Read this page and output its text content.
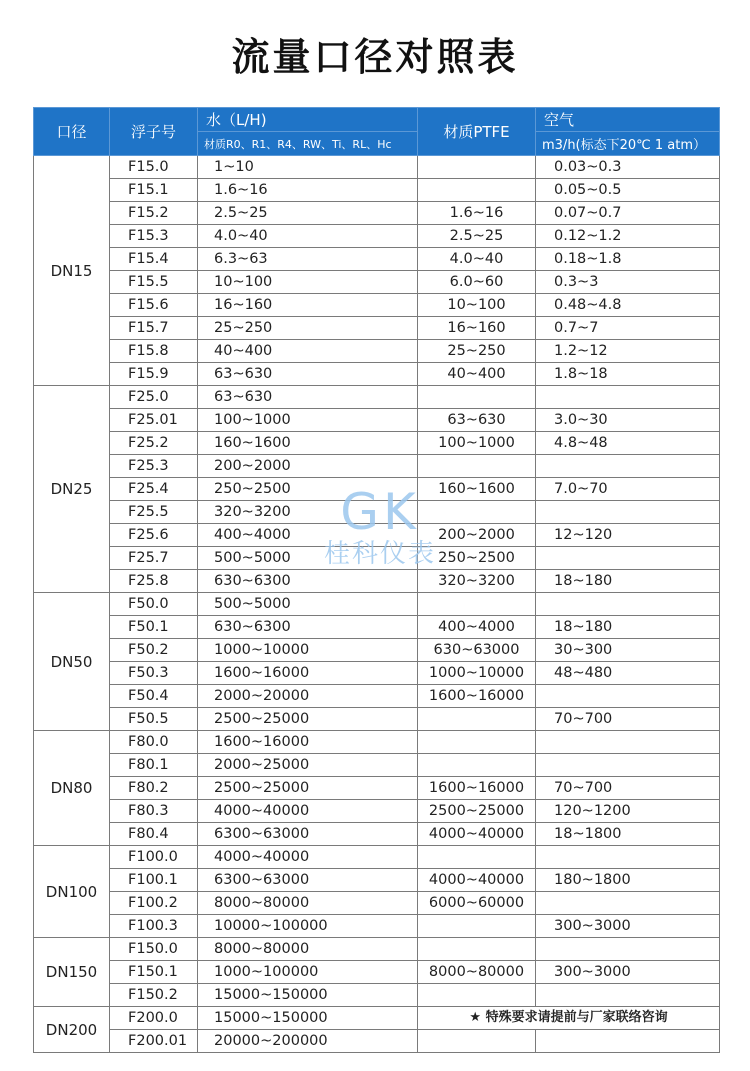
流量口径对照表
口径	浮子号	水（L/H)	材质PTFE	空气
		材质R0、R1、R4、RW、Ti、RL、Hc		m3/h(标态下20℃ 1 atm）
DN15	F15.0	1~10		0.03~0.3
	F15.1	1.6~16		0.05~0.5
	F15.2	2.5~25	1.6~16	0.07~0.7
	F15.3	4.0~40	2.5~25	0.12~1.2
	F15.4	6.3~63	4.0~40	0.18~1.8
	F15.5	10~100	6.0~60	0.3~3
	F15.6	16~160	10~100	0.48~4.8
	F15.7	25~250	16~160	0.7~7
	F15.8	40~400	25~250	1.2~12
	F15.9	63~630	40~400	1.8~18
DN25	F25.0	63~630		
	F25.01	100~1000	63~630	3.0~30
	F25.2	160~1600	100~1000	4.8~48
	F25.3	200~2000		
	F25.4	250~2500	160~1600	7.0~70
	F25.5	320~3200		
	F25.6	400~4000	200~2000	12~120
	F25.7	500~5000	250~2500	
	F25.8	630~6300	320~3200	18~180
DN50	F50.0	500~5000		
	F50.1	630~6300	400~4000	18~180
	F50.2	1000~10000	630~63000	30~300
	F50.3	1600~16000	1000~10000	48~480
	F50.4	2000~20000	1600~16000	
	F50.5	2500~25000		70~700
DN80	F80.0	1600~16000		
	F80.1	2000~25000		
	F80.2	2500~25000	1600~16000	70~700
	F80.3	4000~40000	2500~25000	120~1200
	F80.4	6300~63000	4000~40000	18~1800
DN100	F100.0	4000~40000		
	F100.1	6300~63000	4000~40000	180~1800
	F100.2	8000~80000	6000~60000	
	F100.3	10000~100000		300~3000
DN150	F150.0	8000~80000		
	F150.1	1000~100000	8000~80000	300~3000
	F150.2	15000~150000		
DN200	F200.0	15000~150000	★ 特殊要求请提前与厂家联络咨询	
	F200.01	20000~200000		
GK
桂科仪表
